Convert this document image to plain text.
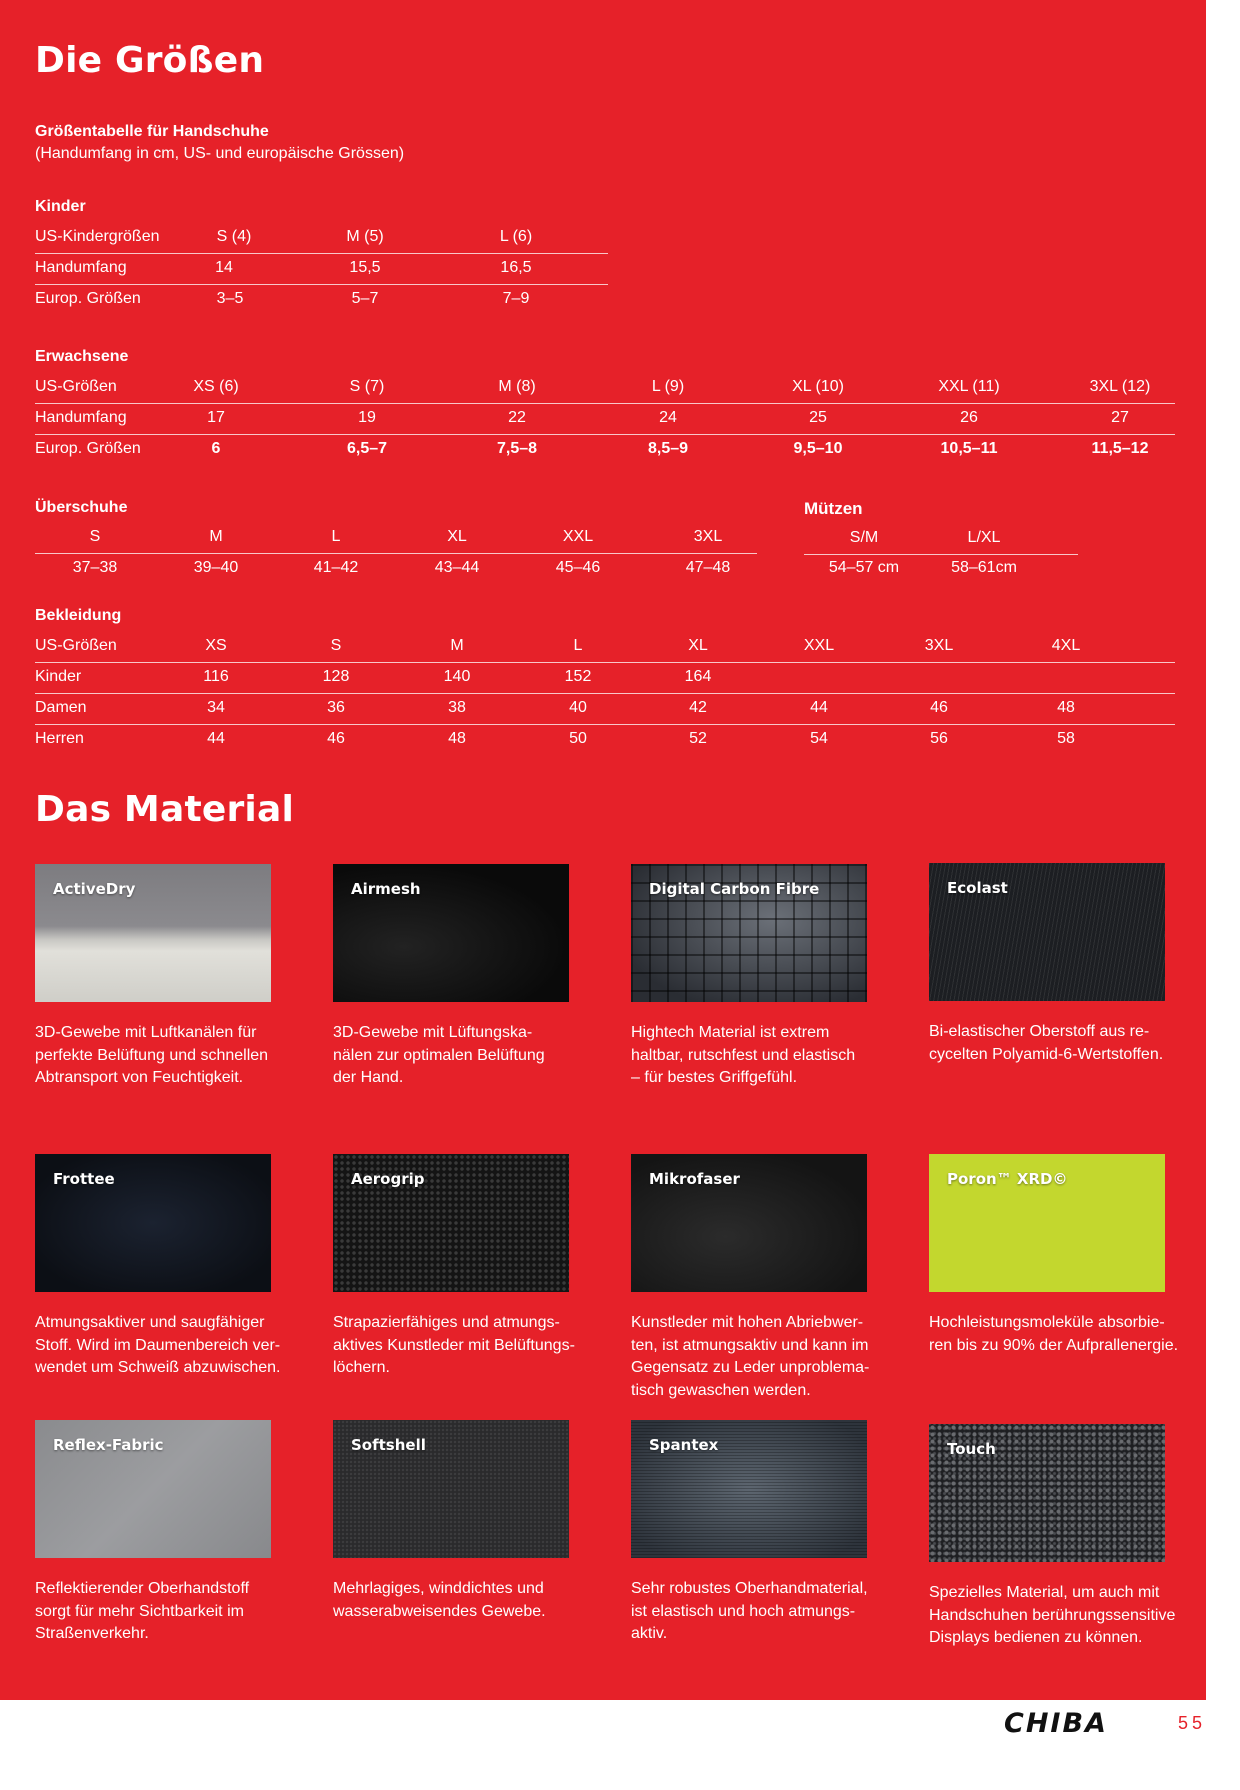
Die Größen
Größentabelle für Handschuhe
(Handumfang in cm, US- und europäische Grössen)
Kinder
US-Kindergrößen	S (4)	M (5)	L (6)
Handumfang	14	15,5	16,5
Europ. Größen	3–5	5–7	7–9
Erwachsene
US-Größen	XS (6)	S (7)	M (8)	L (9)	XL (10)	XXL (11)	3XL (12)
Handumfang	17	19	22	24	25	26	27
Europ. Größen	6	6,5–7	7,5–8	8,5–9	9,5–10	10,5–11	11,5–12
Überschuhe
S	M	L	XL	XXL	3XL
37–38	39–40	41–42	43–44	45–46	47–48
Mützen
S/M	L/XL
54–57 cm	58–61cm
Bekleidung
US-Größen	XS	S	M	L	XL	XXL	3XL	4XL
Kinder	116	128	140	152	164
Damen	34	36	38	40	42	44	46	48
Herren	44	46	48	50	52	54	56	58
Das Material
ActiveDry	Airmesh	Digital Carbon Fibre	Ecolast
3D-Gewebe mit Luftkanälen für
perfekte Belüftung und schnellen
Abtransport von Feuchtigkeit.
3D-Gewebe mit Lüftungska-
nälen zur optimalen Belüftung
der Hand.
Hightech Material ist extrem
haltbar, rutschfest und elastisch
– für bestes Griffgefühl.
Bi-elastischer Oberstoff aus re-
cycelten Polyamid-6-Wertstoffen.
Frottee	Aerogrip	Mikrofaser	Poron™ XRD©
Atmungsaktiver und saugfähiger
Stoff. Wird im Daumenbereich ver-
wendet um Schweiß abzuwischen.
Strapazierfähiges und atmungs-
aktives Kunstleder mit Belüftungs-
löchern.
Kunstleder mit hohen Abriebwer-
ten, ist atmungsaktiv und kann im
Gegensatz zu Leder unproblema-
tisch gewaschen werden.
Hochleistungsmoleküle absorbie-
ren bis zu 90% der Aufprallenergie.
Reflex-Fabric	Softshell	Spantex	Touch
Reflektierender Oberhandstoff
sorgt für mehr Sichtbarkeit im
Straßenverkehr.
Mehrlagiges, winddichtes und
wasserabweisendes Gewebe.
Sehr robustes Oberhandmaterial,
ist elastisch und hoch atmungs-
aktiv.
Spezielles Material, um auch mit
Handschuhen berührungssensitive
Displays bedienen zu können.
CHIBA	55
